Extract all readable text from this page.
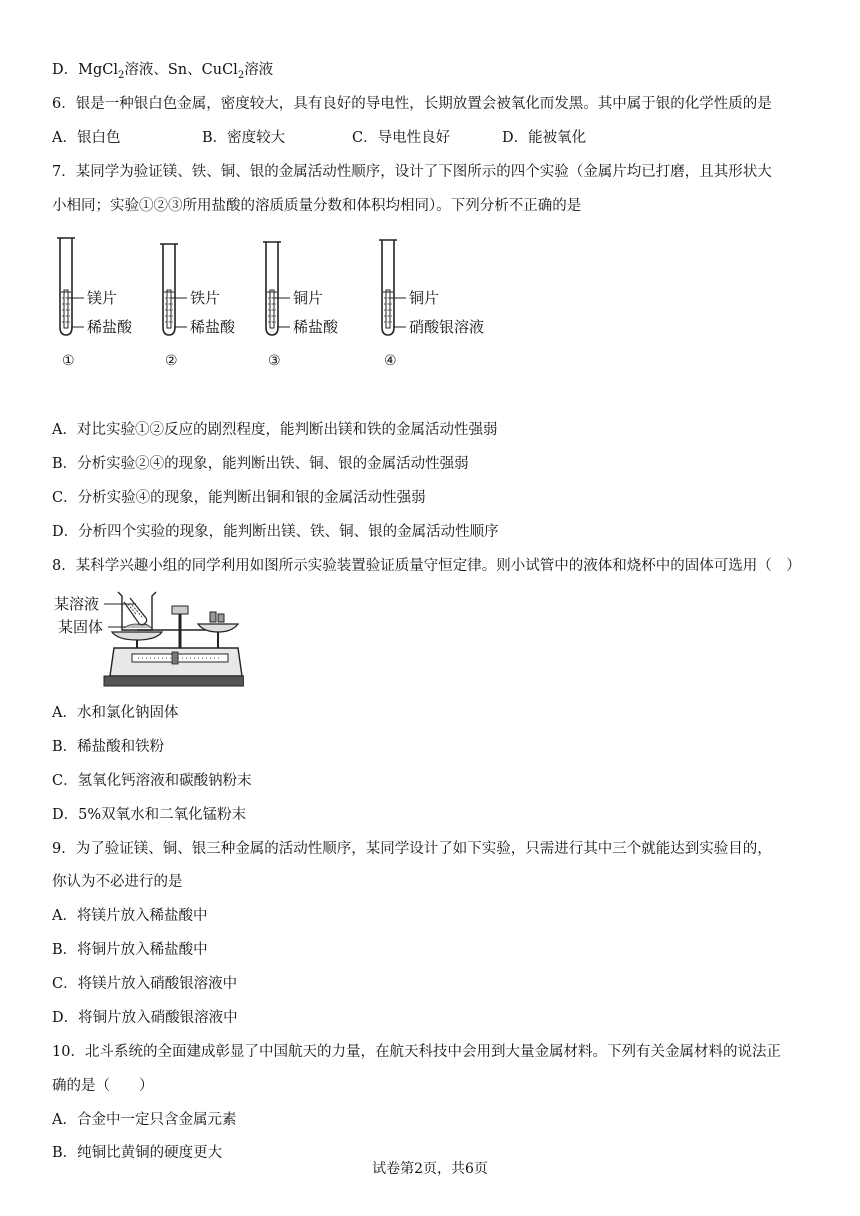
D．MgCl$_2$溶液、Sn、CuCl$_2$溶液
6．银是一种银白色金属，密度较大，具有良好的导电性，长期放置会被氧化而发黑。其中属于银的化学性质的是
A．银白色	B．密度较大	C．导电性良好	D．能被氧化
7．某同学为验证镁、铁、铜、银的金属活动性顺序，设计了下图所示的四个实验（金属片均已打磨，且其形状大
小相同；实验①②③所用盐酸的溶质质量分数和体积均相同）。下列分析不正确的是
镁片
稀盐酸
①
铁片
稀盐酸
②
铜片
稀盐酸
③
铜片
硝酸银溶液
④
A．对比实验①②反应的剧烈程度，能判断出镁和铁的金属活动性强弱
B．分析实验②④的现象，能判断出铁、铜、银的金属活动性强弱
C．分析实验④的现象，能判断出铜和银的金属活动性强弱
D．分析四个实验的现象，能判断出镁、铁、铜、银的金属活动性顺序
8．某科学兴趣小组的同学利用如图所示实验装置验证质量守恒定律。则小试管中的液体和烧杯中的固体可选用（　）
某溶液
某固体
A．水和氯化钠固体
B．稀盐酸和铁粉
C．氢氧化钙溶液和碳酸钠粉末
D．5%双氧水和二氧化锰粉末
9．为了验证镁、铜、银三种金属的活动性顺序，某同学设计了如下实验，只需进行其中三个就能达到实验目的，
你认为不必进行的是
A．将镁片放入稀盐酸中
B．将铜片放入稀盐酸中
C．将镁片放入硝酸银溶液中
D．将铜片放入硝酸银溶液中
10．北斗系统的全面建成彰显了中国航天的力量，在航天科技中会用到大量金属材料。下列有关金属材料的说法正
确的是（　　）
A．合金中一定只含金属元素
B．纯铜比黄铜的硬度更大
试卷第2页，共6页
